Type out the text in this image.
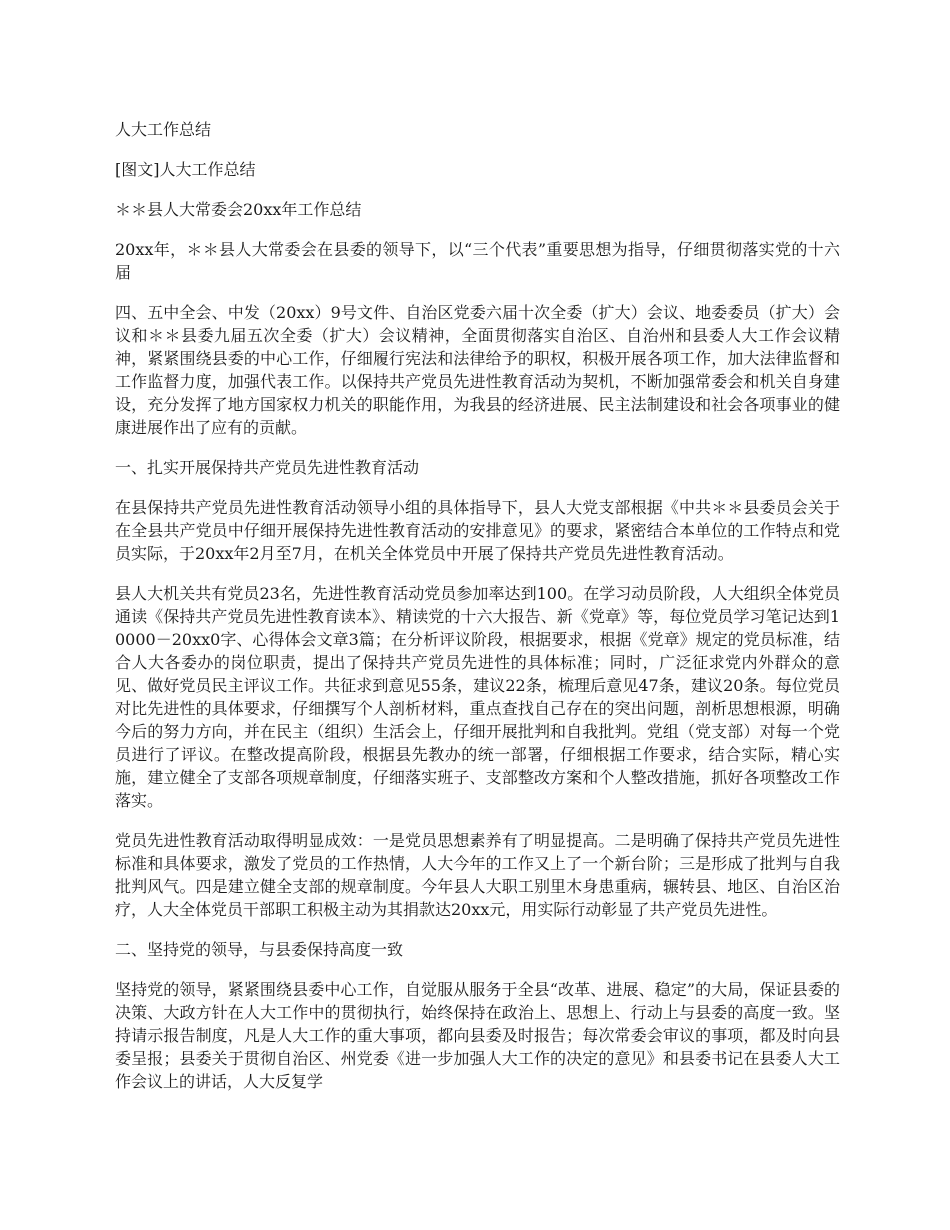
人大工作总结

[图文]人大工作总结

＊＊县人大常委会20xx年工作总结

20xx年，＊＊县人大常委会在县委的领导下，以“三个代表”重要思想为指导，仔细贯彻落实党的十六届

四、五中全会、中发（20xx）9号文件、自治区党委六届十次全委（扩大）会议、地委委员（扩大）会议和＊＊县委九届五次全委（扩大）会议精神，全面贯彻落实自治区、自治州和县委人大工作会议精神，紧紧围绕县委的中心工作，仔细履行宪法和法律给予的职权，积极开展各项工作，加大法律监督和工作监督力度，加强代表工作。以保持共产党员先进性教育活动为契机，不断加强常委会和机关自身建设，充分发挥了地方国家权力机关的职能作用，为我县的经济进展、民主法制建设和社会各项事业的健康进展作出了应有的贡献。

一、扎实开展保持共产党员先进性教育活动

在县保持共产党员先进性教育活动领导小组的具体指导下，县人大党支部根据《中共＊＊县委员会关于在全县共产党员中仔细开展保持先进性教育活动的安排意见》的要求，紧密结合本单位的工作特点和党员实际，于20xx年2月至7月，在机关全体党员中开展了保持共产党员先进性教育活动。

县人大机关共有党员23名，先进性教育活动党员参加率达到100。在学习动员阶段，人大组织全体党员通读《保持共产党员先进性教育读本》、精读党的十六大报告、新《党章》等，每位党员学习笔记达到10000－20xx0字、心得体会文章3篇；在分析评议阶段，根据要求，根据《党章》规定的党员标准，结合人大各委办的岗位职责，提出了保持共产党员先进性的具体标准；同时，广泛征求党内外群众的意见、做好党员民主评议工作。共征求到意见55条，建议22条，梳理后意见47条，建议20条。每位党员对比先进性的具体要求，仔细撰写个人剖析材料，重点查找自己存在的突出问题，剖析思想根源，明确今后的努力方向，并在民主（组织）生活会上，仔细开展批判和自我批判。党组（党支部）对每一个党员进行了评议。在整改提高阶段，根据县先教办的统一部署，仔细根据工作要求，结合实际，精心实施，建立健全了支部各项规章制度，仔细落实班子、支部整改方案和个人整改措施，抓好各项整改工作落实。

党员先进性教育活动取得明显成效：一是党员思想素养有了明显提高。二是明确了保持共产党员先进性标准和具体要求，激发了党员的工作热情，人大今年的工作又上了一个新台阶；三是形成了批判与自我批判风气。四是建立健全支部的规章制度。今年县人大职工别里木身患重病，辗转县、地区、自治区治疗，人大全体党员干部职工积极主动为其捐款达20xx元，用实际行动彰显了共产党员先进性。

二、坚持党的领导，与县委保持高度一致

坚持党的领导，紧紧围绕县委中心工作，自觉服从服务于全县“改革、进展、稳定”的大局，保证县委的决策、大政方针在人大工作中的贯彻执行，始终保持在政治上、思想上、行动上与县委的高度一致。坚持请示报告制度，凡是人大工作的重大事项，都向县委及时报告；每次常委会审议的事项，都及时向县委呈报；县委关于贯彻自治区、州党委《进一步加强人大工作的决定的意见》和县委书记在县委人大工作会议上的讲话，人大反复学
